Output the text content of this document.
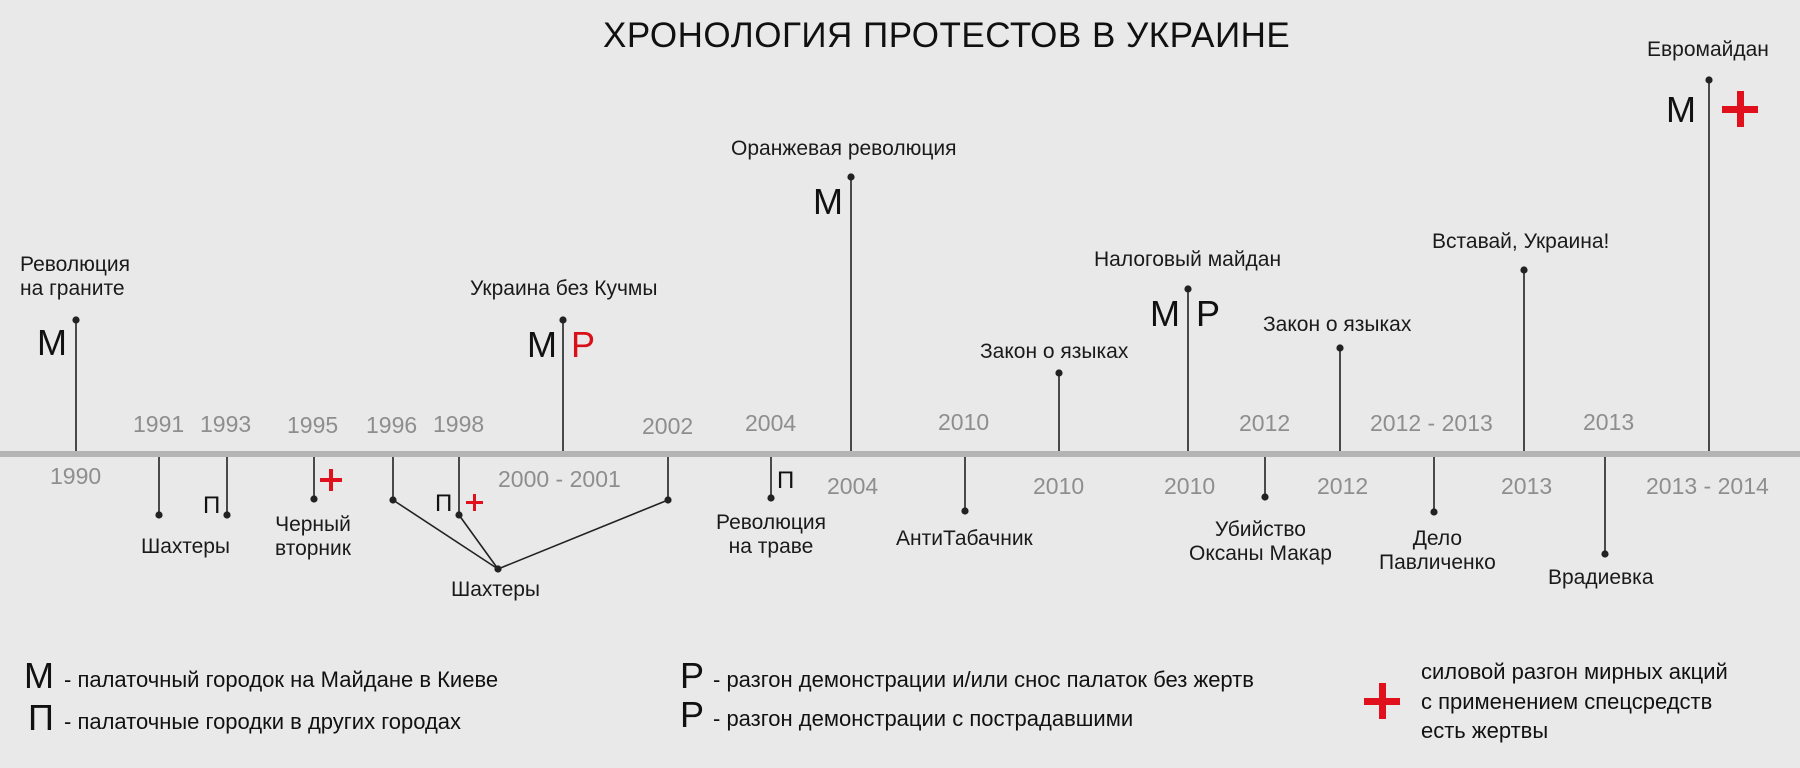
ХРОНОЛОГИЯ ПРОТЕСТОВ В УКРАИНЕ
1991 1993 1995 1996 1998	2002 2004	2010	2012	2012 - 2013	2013
1990	2000 - 2001	2004	2010	2010	2012	2013	2013 - 2014
Революция
на граните
М
Украина без Кучмы
М Р
Оранжевая революция
М
Закон о языках
Налоговый майдан
М Р Закон о языках
Вставай, Украина!
Евромайдан
М
П
Шахтеры
Черный
вторник
П
Шахтеры
П
Революция
на траве	АнтиТабачник	Убийство
Оксаны Макар
Дело
Павличенко
Врадиевка
М - палаточный городок на Майдане в Киеве
П - палаточные городки в других городах
Р - разгон демонстрации и/или снос палаток без жертв
Р - разгон демонстрации с пострадавшими
силовой разгон мирных акций
с применением спецсредств
есть жертвы
